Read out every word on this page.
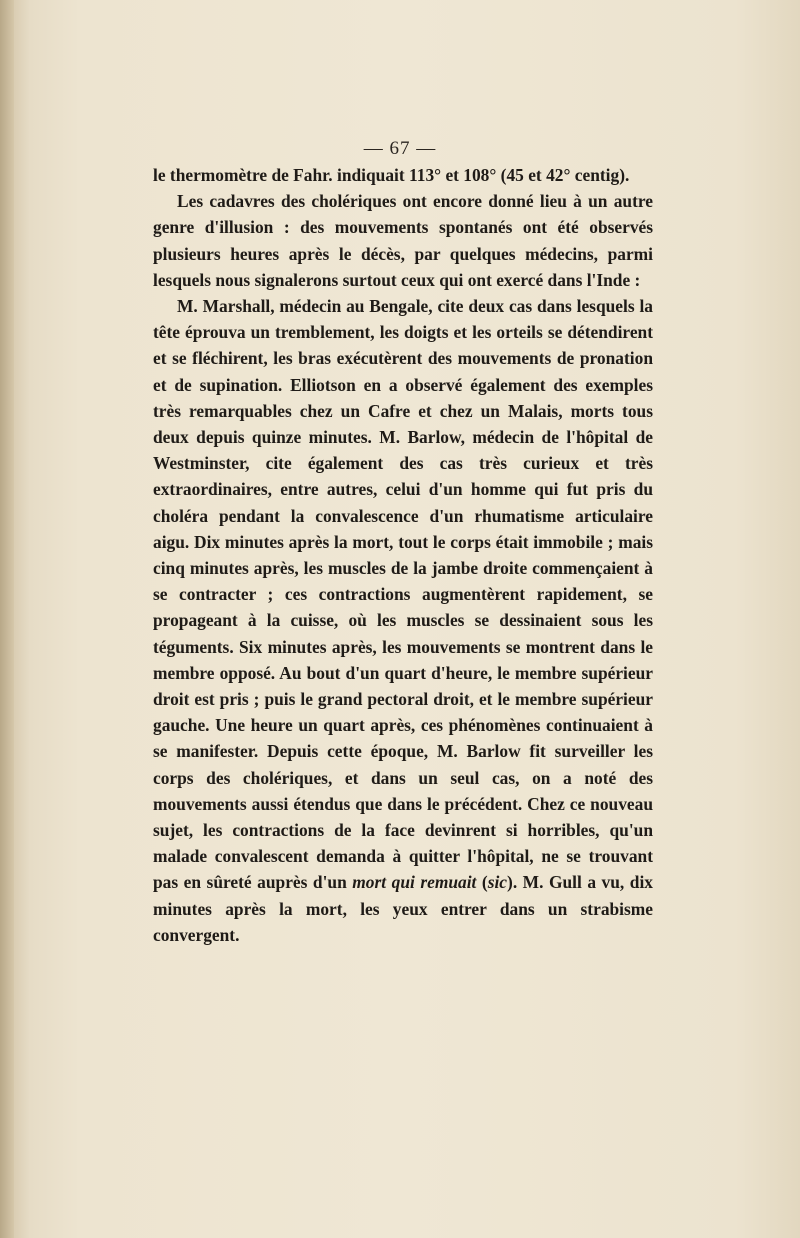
— 67 —

le thermomètre de Fahr. indiquait 113° et 108° (45 et 42° centig).

Les cadavres des cholériques ont encore donné lieu à un autre genre d'illusion : des mouvements spontanés ont été observés plusieurs heures après le décès, par quelques médecins, parmi lesquels nous signalerons surtout ceux qui ont exercé dans l'Inde :

M. Marshall, médecin au Bengale, cite deux cas dans lesquels la tête éprouva un tremblement, les doigts et les orteils se détendirent et se fléchirent, les bras exécutèrent des mouvements de pronation et de supination. Elliotson en a observé également des exemples très remarquables chez un Cafre et chez un Malais, morts tous deux depuis quinze minutes. M. Barlow, médecin de l'hôpital de Westminster, cite également des cas très curieux et très extraordinaires, entre autres, celui d'un homme qui fut pris du choléra pendant la convalescence d'un rhumatisme articulaire aigu. Dix minutes après la mort, tout le corps était immobile ; mais cinq minutes après, les muscles de la jambe droite commençaient à se contracter ; ces contractions augmentèrent rapidement, se propageant à la cuisse, où les muscles se dessinaient sous les téguments. Six minutes après, les mouvements se montrent dans le membre opposé. Au bout d'un quart d'heure, le membre supérieur droit est pris ; puis le grand pectoral droit, et le membre supérieur gauche. Une heure un quart après, ces phénomènes continuaient à se manifester. Depuis cette époque, M. Barlow fit surveiller les corps des cholériques, et dans un seul cas, on a noté des mouvements aussi étendus que dans le précédent. Chez ce nouveau sujet, les contractions de la face devinrent si horribles, qu'un malade convalescent demanda à quitter l'hôpital, ne se trouvant pas en sûreté auprès d'un mort qui remuait (sic). M. Gull a vu, dix minutes après la mort, les yeux entrer dans un strabisme convergent.
